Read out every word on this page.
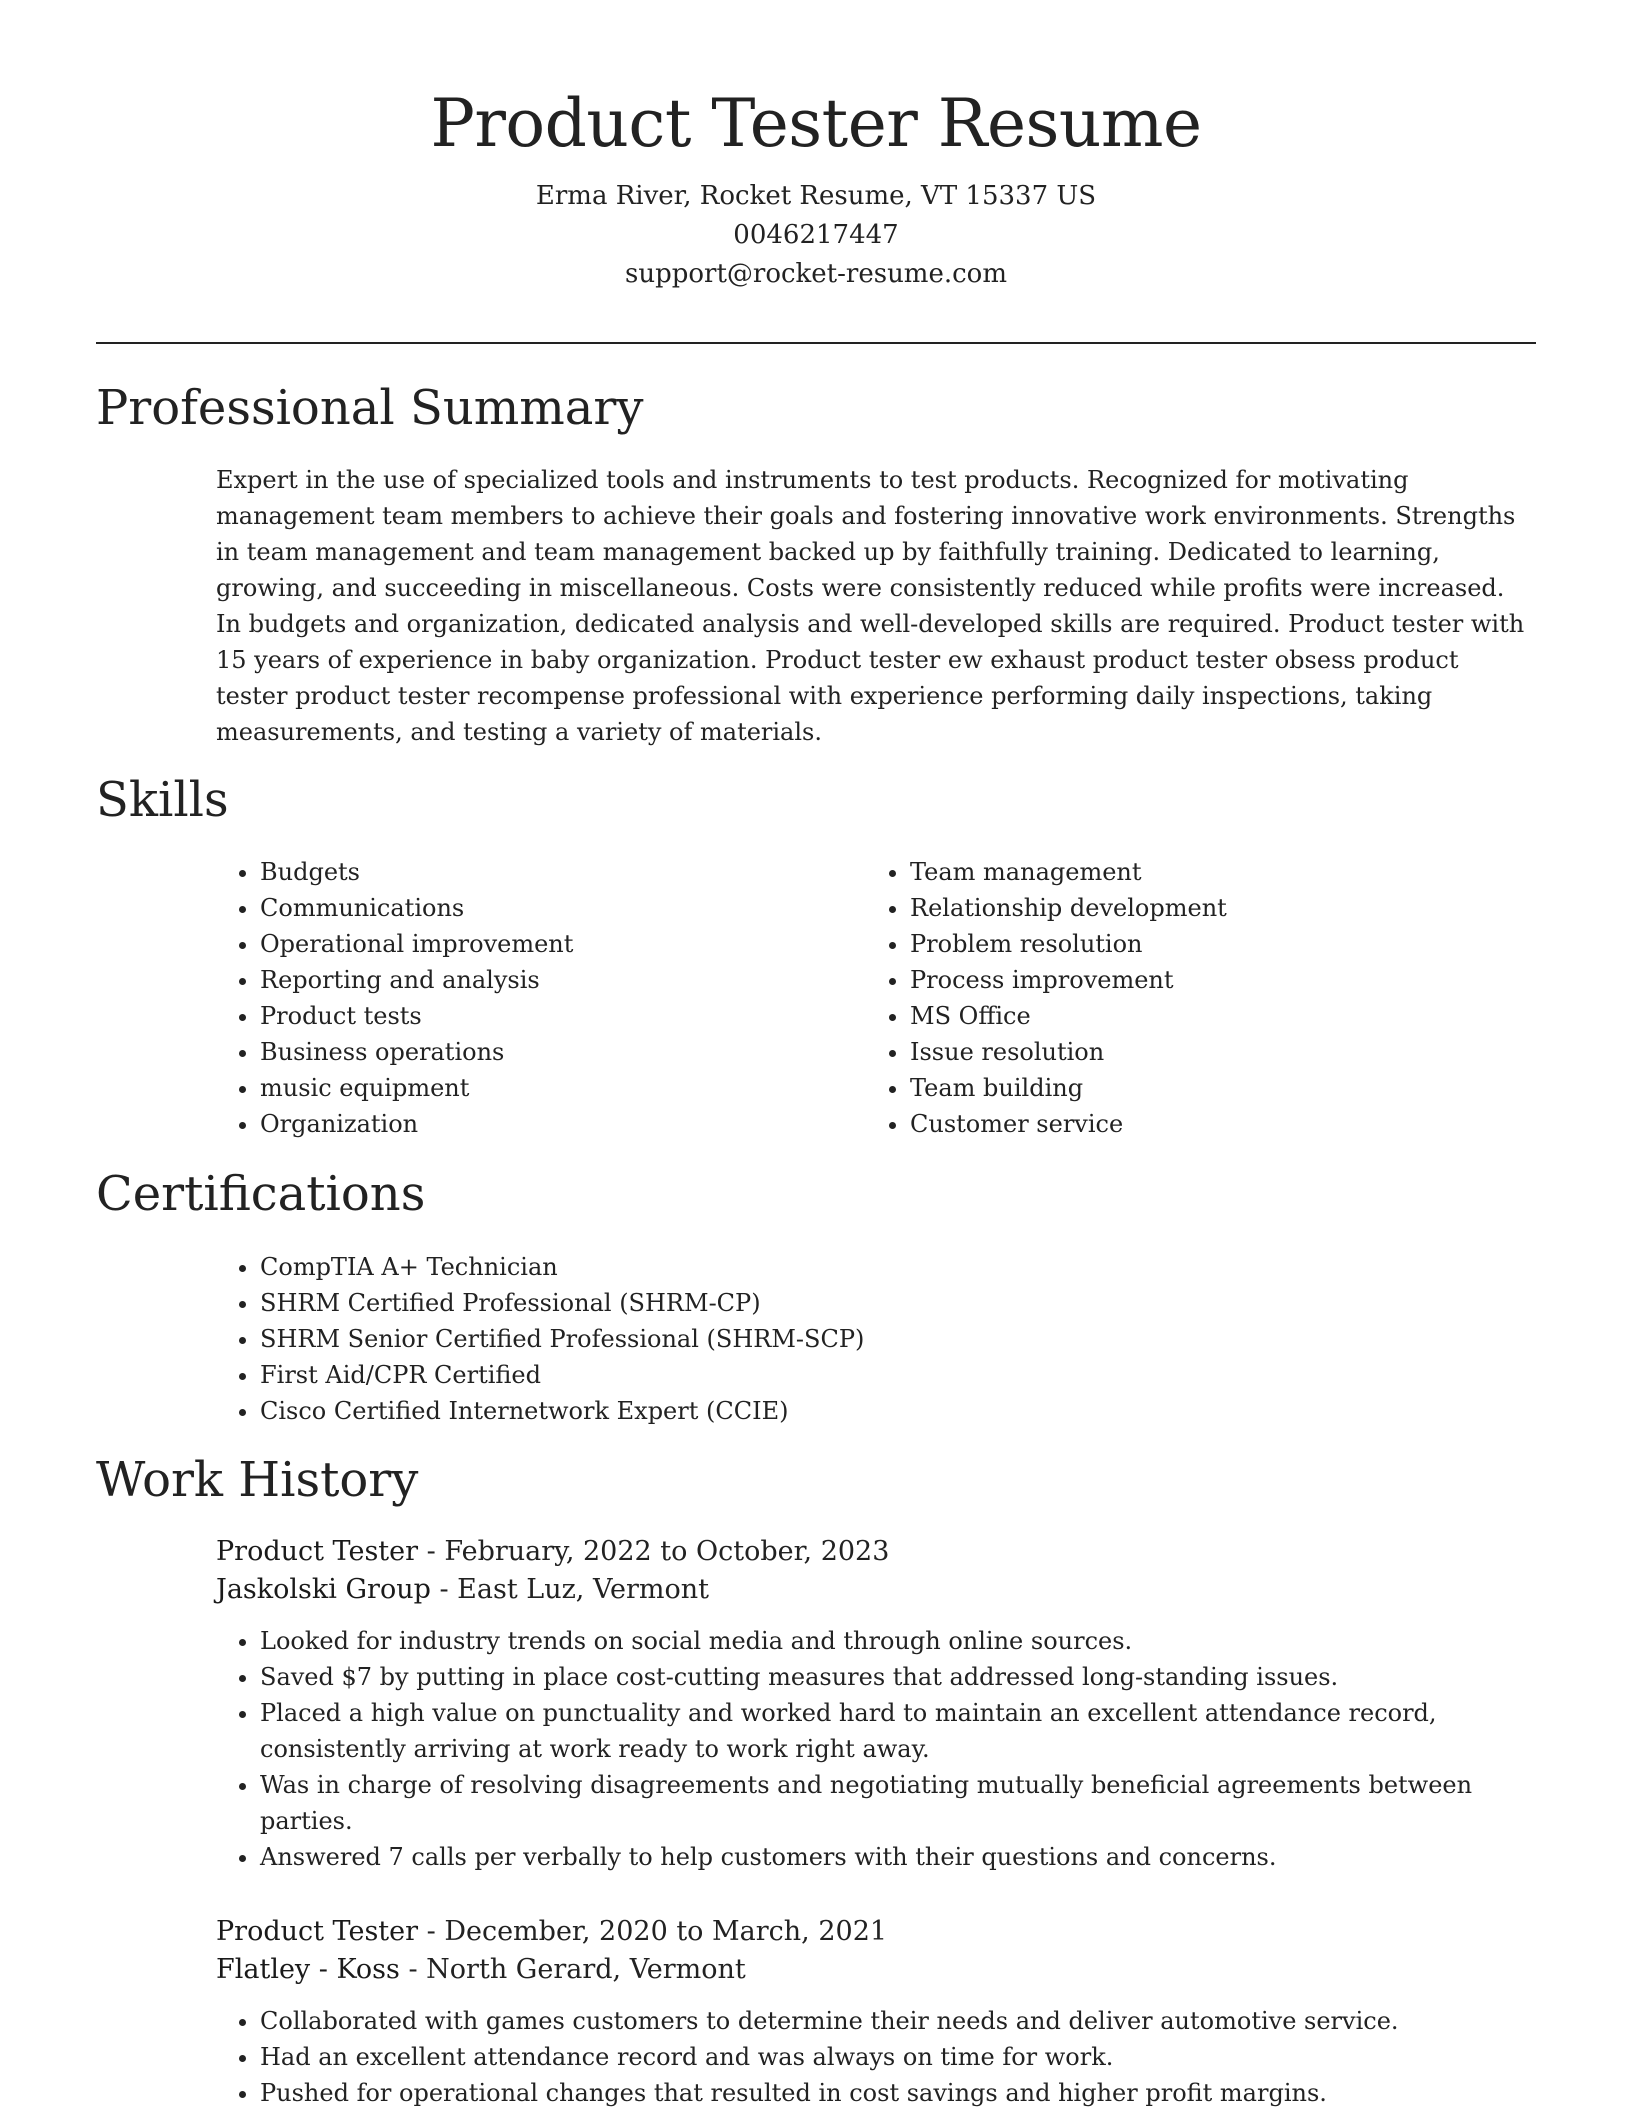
Product Tester Resume
Erma River, Rocket Resume, VT 15337 US
0046217447
support@rocket-resume.com
Professional Summary

Expert in the use of specialized tools and instruments to test products. Recognized for motivating management team members to achieve their goals and fostering innovative work environments. Strengths in team management and team management backed up by faithfully training. Dedicated to learning, growing, and succeeding in miscellaneous. Costs were consistently reduced while profits were increased. In budgets and organization, dedicated analysis and well-developed skills are required. Product tester with 15 years of experience in baby organization. Product tester ew exhaust product tester obsess product tester product tester recompense professional with experience performing daily inspections, taking measurements, and testing a variety of materials.

Skills
• Budgets
• Communications
• Operational improvement
• Reporting and analysis
• Product tests
• Business operations
• music equipment
• Organization
• Team management
• Relationship development
• Problem resolution
• Process improvement
• MS Office
• Issue resolution
• Team building
• Customer service
Certifications
• CompTIA A+ Technician
• SHRM Certified Professional (SHRM-CP)
• SHRM Senior Certified Professional (SHRM-SCP)
• First Aid/CPR Certified
• Cisco Certified Internetwork Expert (CCIE)
Work History
Product Tester - February, 2022 to October, 2023
Jaskolski Group - East Luz, Vermont
• Looked for industry trends on social media and through online sources.
• Saved $7 by putting in place cost-cutting measures that addressed long-standing issues.
• Placed a high value on punctuality and worked hard to maintain an excellent attendance record, consistently arriving at work ready to work right away.
• Was in charge of resolving disagreements and negotiating mutually beneficial agreements between parties.
• Answered 7 calls per verbally to help customers with their questions and concerns.
Product Tester - December, 2020 to March, 2021
Flatley - Koss - North Gerard, Vermont
• Collaborated with games customers to determine their needs and deliver automotive service.
• Had an excellent attendance record and was always on time for work.
• Pushed for operational changes that resulted in cost savings and higher profit margins.
